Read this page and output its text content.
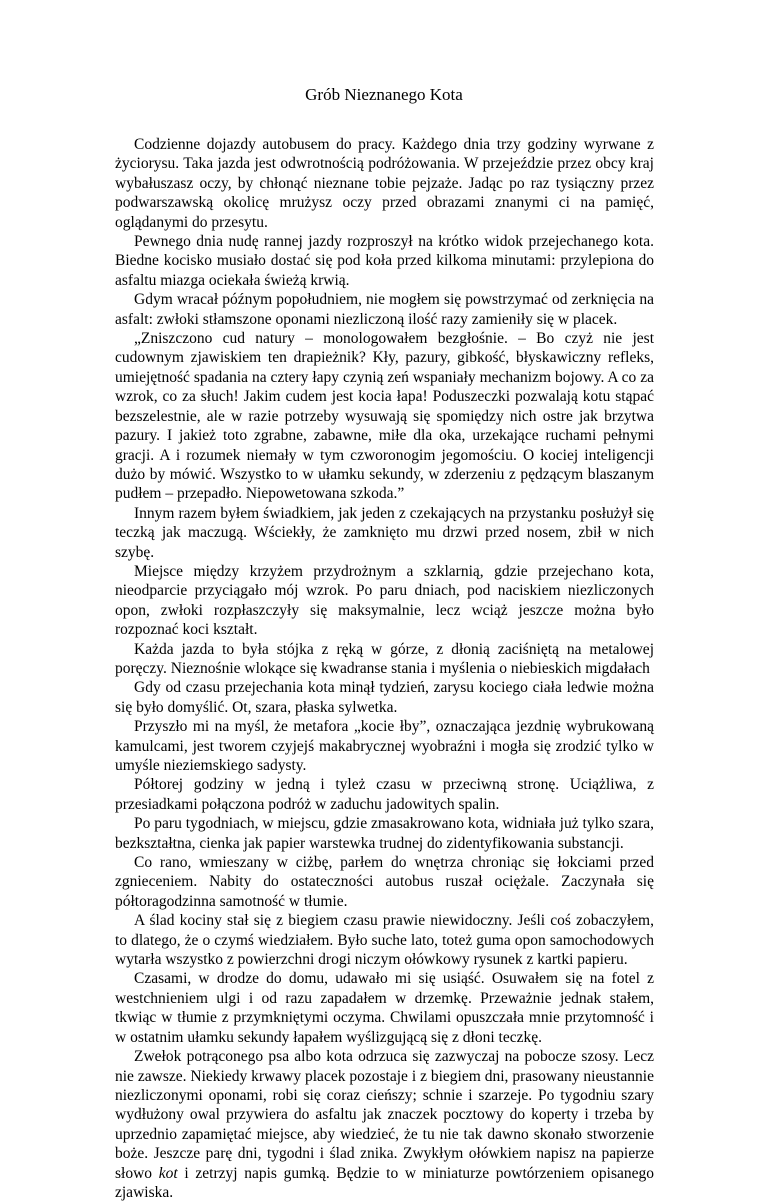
Grób Nieznanego Kota

Codzienne dojazdy autobusem do pracy. Każdego dnia trzy godziny wyrwane z życiorysu. Taka jazda jest odwrotnością podróżowania. W przejeździe przez obcy kraj wybałuszasz oczy, by chłonąć nieznane tobie pejzaże. Jadąc po raz tysiączny przez podwarszawską okolicę mrużysz oczy przed obrazami znanymi ci na pamięć, oglądanymi do przesytu.

Pewnego dnia nudę rannej jazdy rozproszył na krótko widok przejechanego kota. Biedne kocisko musiało dostać się pod koła przed kilkoma minutami: przylepiona do asfaltu miazga ociekała świeżą krwią.

Gdym wracał późnym popołudniem, nie mogłem się powstrzymać od zerknięcia na asfalt: zwłoki stłamszone oponami niezliczoną ilość razy zamieniły się w placek.

„Zniszczono cud natury – monologowałem bezgłośnie. – Bo czyż nie jest cudownym zjawiskiem ten drapieżnik? Kły, pazury, gibkość, błyskawiczny refleks, umiejętność spadania na cztery łapy czynią zeń wspaniały mechanizm bojowy. A co za wzrok, co za słuch! Jakim cudem jest kocia łapa! Poduszeczki pozwalają kotu stąpać bezszelestnie, ale w razie potrzeby wysuwają się spomiędzy nich ostre jak brzytwa pazury. I jakież toto zgrabne, zabawne, miłe dla oka, urzekające ruchami pełnymi gracji. A i rozumek niemały w tym czworonogim jegomościu. O kociej inteligencji dużo by mówić. Wszystko to w ułamku sekundy, w zderzeniu z pędzącym blaszanym pudłem – przepadło. Niepowetowana szkoda.”

Innym razem byłem świadkiem, jak jeden z czekających na przystanku posłużył się teczką jak maczugą. Wściekły, że zamknięto mu drzwi przed nosem, zbił w nich szybę.

Miejsce między krzyżem przydrożnym a szklarnią, gdzie przejechano kota, nieodparcie przyciągało mój wzrok. Po paru dniach, pod naciskiem niezliczonych opon, zwłoki rozpłaszczyły się maksymalnie, lecz wciąż jeszcze można było rozpoznać koci kształt.

Każda jazda to była stójka z ręką w górze, z dłonią zaciśniętą na metalowej poręczy. Nieznośnie wlokące się kwadranse stania i myślenia o niebieskich migdałach

Gdy od czasu przejechania kota minął tydzień, zarysu kociego ciała ledwie można się było domyślić. Ot, szara, płaska sylwetka.

Przyszło mi na myśl, że metafora „kocie łby”, oznaczająca jezdnię wybrukowaną kamulcami, jest tworem czyjejś makabrycznej wyobraźni i mogła się zrodzić tylko w umyśle nieziemskiego sadysty.

Półtorej godziny w jedną i tyleż czasu w przeciwną stronę. Uciążliwa, z przesiadkami połączona podróż w zaduchu jadowitych spalin.

Po paru tygodniach, w miejscu, gdzie zmasakrowano kota, widniała już tylko szara, bezkształtna, cienka jak papier warstewka trudnej do zidentyfikowania substancji.

Co rano, wmieszany w ciżbę, parłem do wnętrza chroniąc się łokciami przed zgnieceniem. Nabity do ostateczności autobus ruszał ociężale. Zaczynała się półtoragodzinna samotność w tłumie.

A ślad kociny stał się z biegiem czasu prawie niewidoczny. Jeśli coś zobaczyłem, to dlatego, że o czymś wiedziałem. Było suche lato, toteż guma opon samochodowych wytarła wszystko z powierzchni drogi niczym ołówkowy rysunek z kartki papieru.

Czasami, w drodze do domu, udawało mi się usiąść. Osuwałem się na fotel z westchnieniem ulgi i od razu zapadałem w drzemkę. Przeważnie jednak stałem, tkwiąc w tłumie z przymkniętymi oczyma. Chwilami opuszczała mnie przytomność i w ostatnim ułamku sekundy łapałem wyślizgującą się z dłoni teczkę.

Zwełok potrąconego psa albo kota odrzuca się zazwyczaj na pobocze szosy. Lecz nie zawsze. Niekiedy krwawy placek pozostaje i z biegiem dni, prasowany nieustannie niezliczonymi oponami, robi się coraz cieńszy; schnie i szarzeje. Po tygodniu szary wydłużony owal przywiera do asfaltu jak znaczek pocztowy do koperty i trzeba by uprzednio zapamiętać miejsce, aby wiedzieć, że tu nie tak dawno skonało stworzenie boże. Jeszcze parę dni, tygodni i ślad znika. Zwykłym ołówkiem napisz na papierze słowo kot i zetrzyj napis gumką. Będzie to w miniaturze powtórzeniem opisanego zjawiska.
